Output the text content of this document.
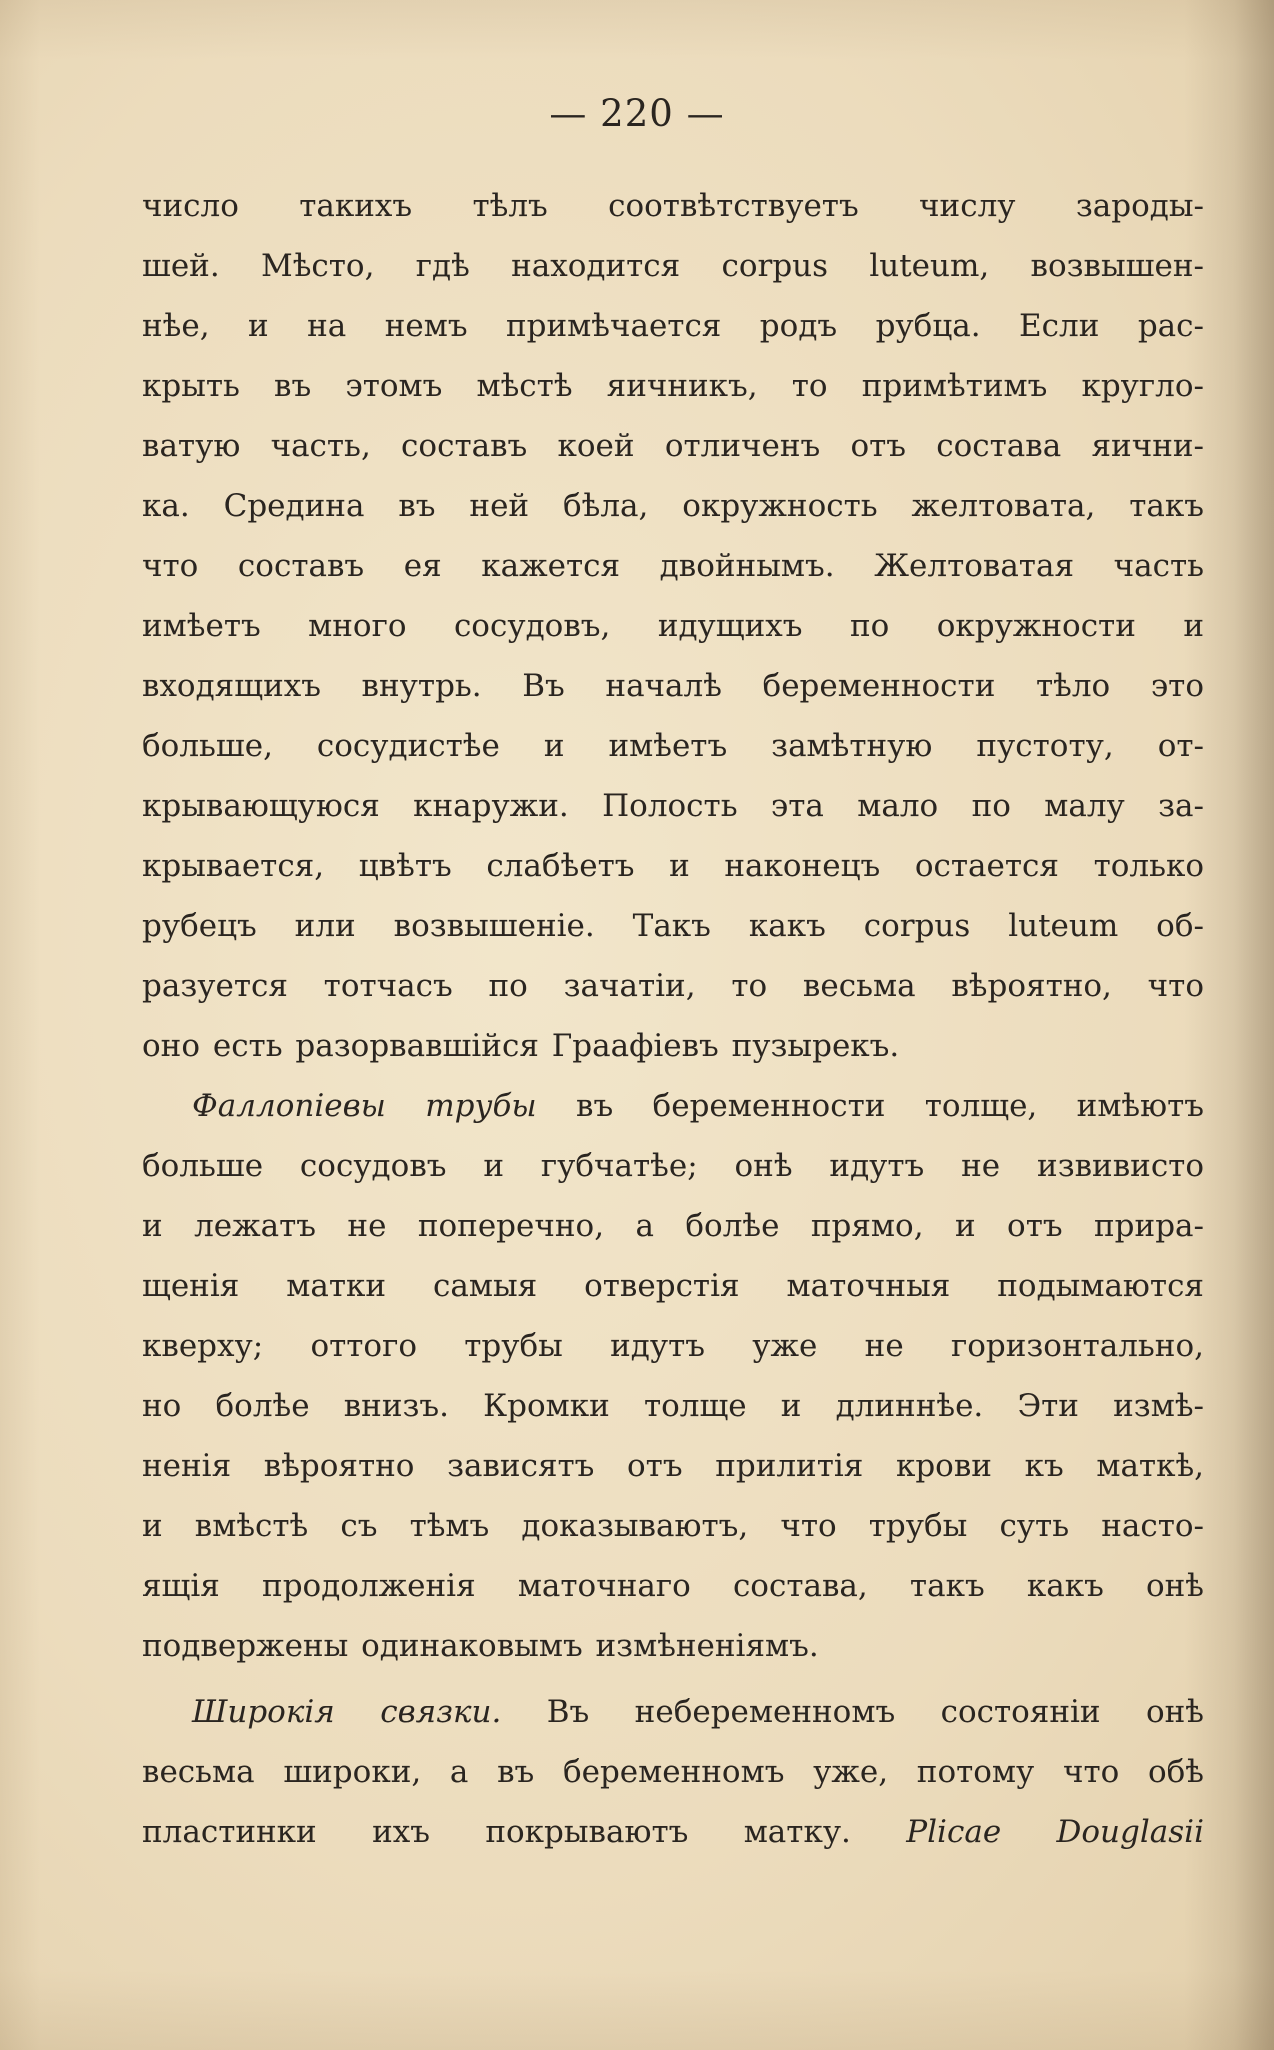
— 220 —
число такихъ тѣлъ соотвѣтствуетъ числу зароды-
шей. Мѣсто, гдѣ находится corpus luteum, возвышен-
нѣе, и на немъ примѣчается родъ рубца. Если рас-
крыть въ этомъ мѣстѣ яичникъ, то примѣтимъ кругло-
ватую часть, составъ коей отличенъ отъ состава яични-
ка. Средина въ ней бѣла, окружность желтовата, такъ
что составъ ея кажется двойнымъ. Желтоватая часть
имѣетъ много сосудовъ, идущихъ по окружности и
входящихъ внутрь. Въ началѣ беременности тѣло это
больше, сосудистѣе и имѣетъ замѣтную пустоту, от-
крывающуюся кнаружи. Полость эта мало по малу за-
крывается, цвѣтъ слабѣетъ и наконецъ остается только
рубецъ или возвышеніе. Такъ какъ corpus luteum об-
разуется тотчасъ по зачатіи, то весьма вѣроятно, что
оно есть разорвавшійся Граафіевъ пузырекъ.
Фаллопіевы трубы въ беременности толще, имѣютъ
больше сосудовъ и губчатѣе; онѣ идутъ не извивисто
и лежатъ не поперечно, а болѣе прямо, и отъ прира-
щенія матки самыя отверстія маточныя подымаются
кверху; оттого трубы идутъ уже не горизонтально,
но болѣе внизъ. Кромки толще и длиннѣе. Эти измѣ-
ненія вѣроятно зависятъ отъ прилитія крови къ маткѣ,
и вмѣстѣ съ тѣмъ доказываютъ, что трубы суть насто-
ящія продолженія маточнаго состава, такъ какъ онѣ
подвержены одинаковымъ измѣненіямъ.
Широкія связки. Въ небеременномъ состояніи онѣ
весьма широки, а въ беременномъ уже, потому что обѣ
пластинки ихъ покрываютъ матку. Plicae Douglasii
